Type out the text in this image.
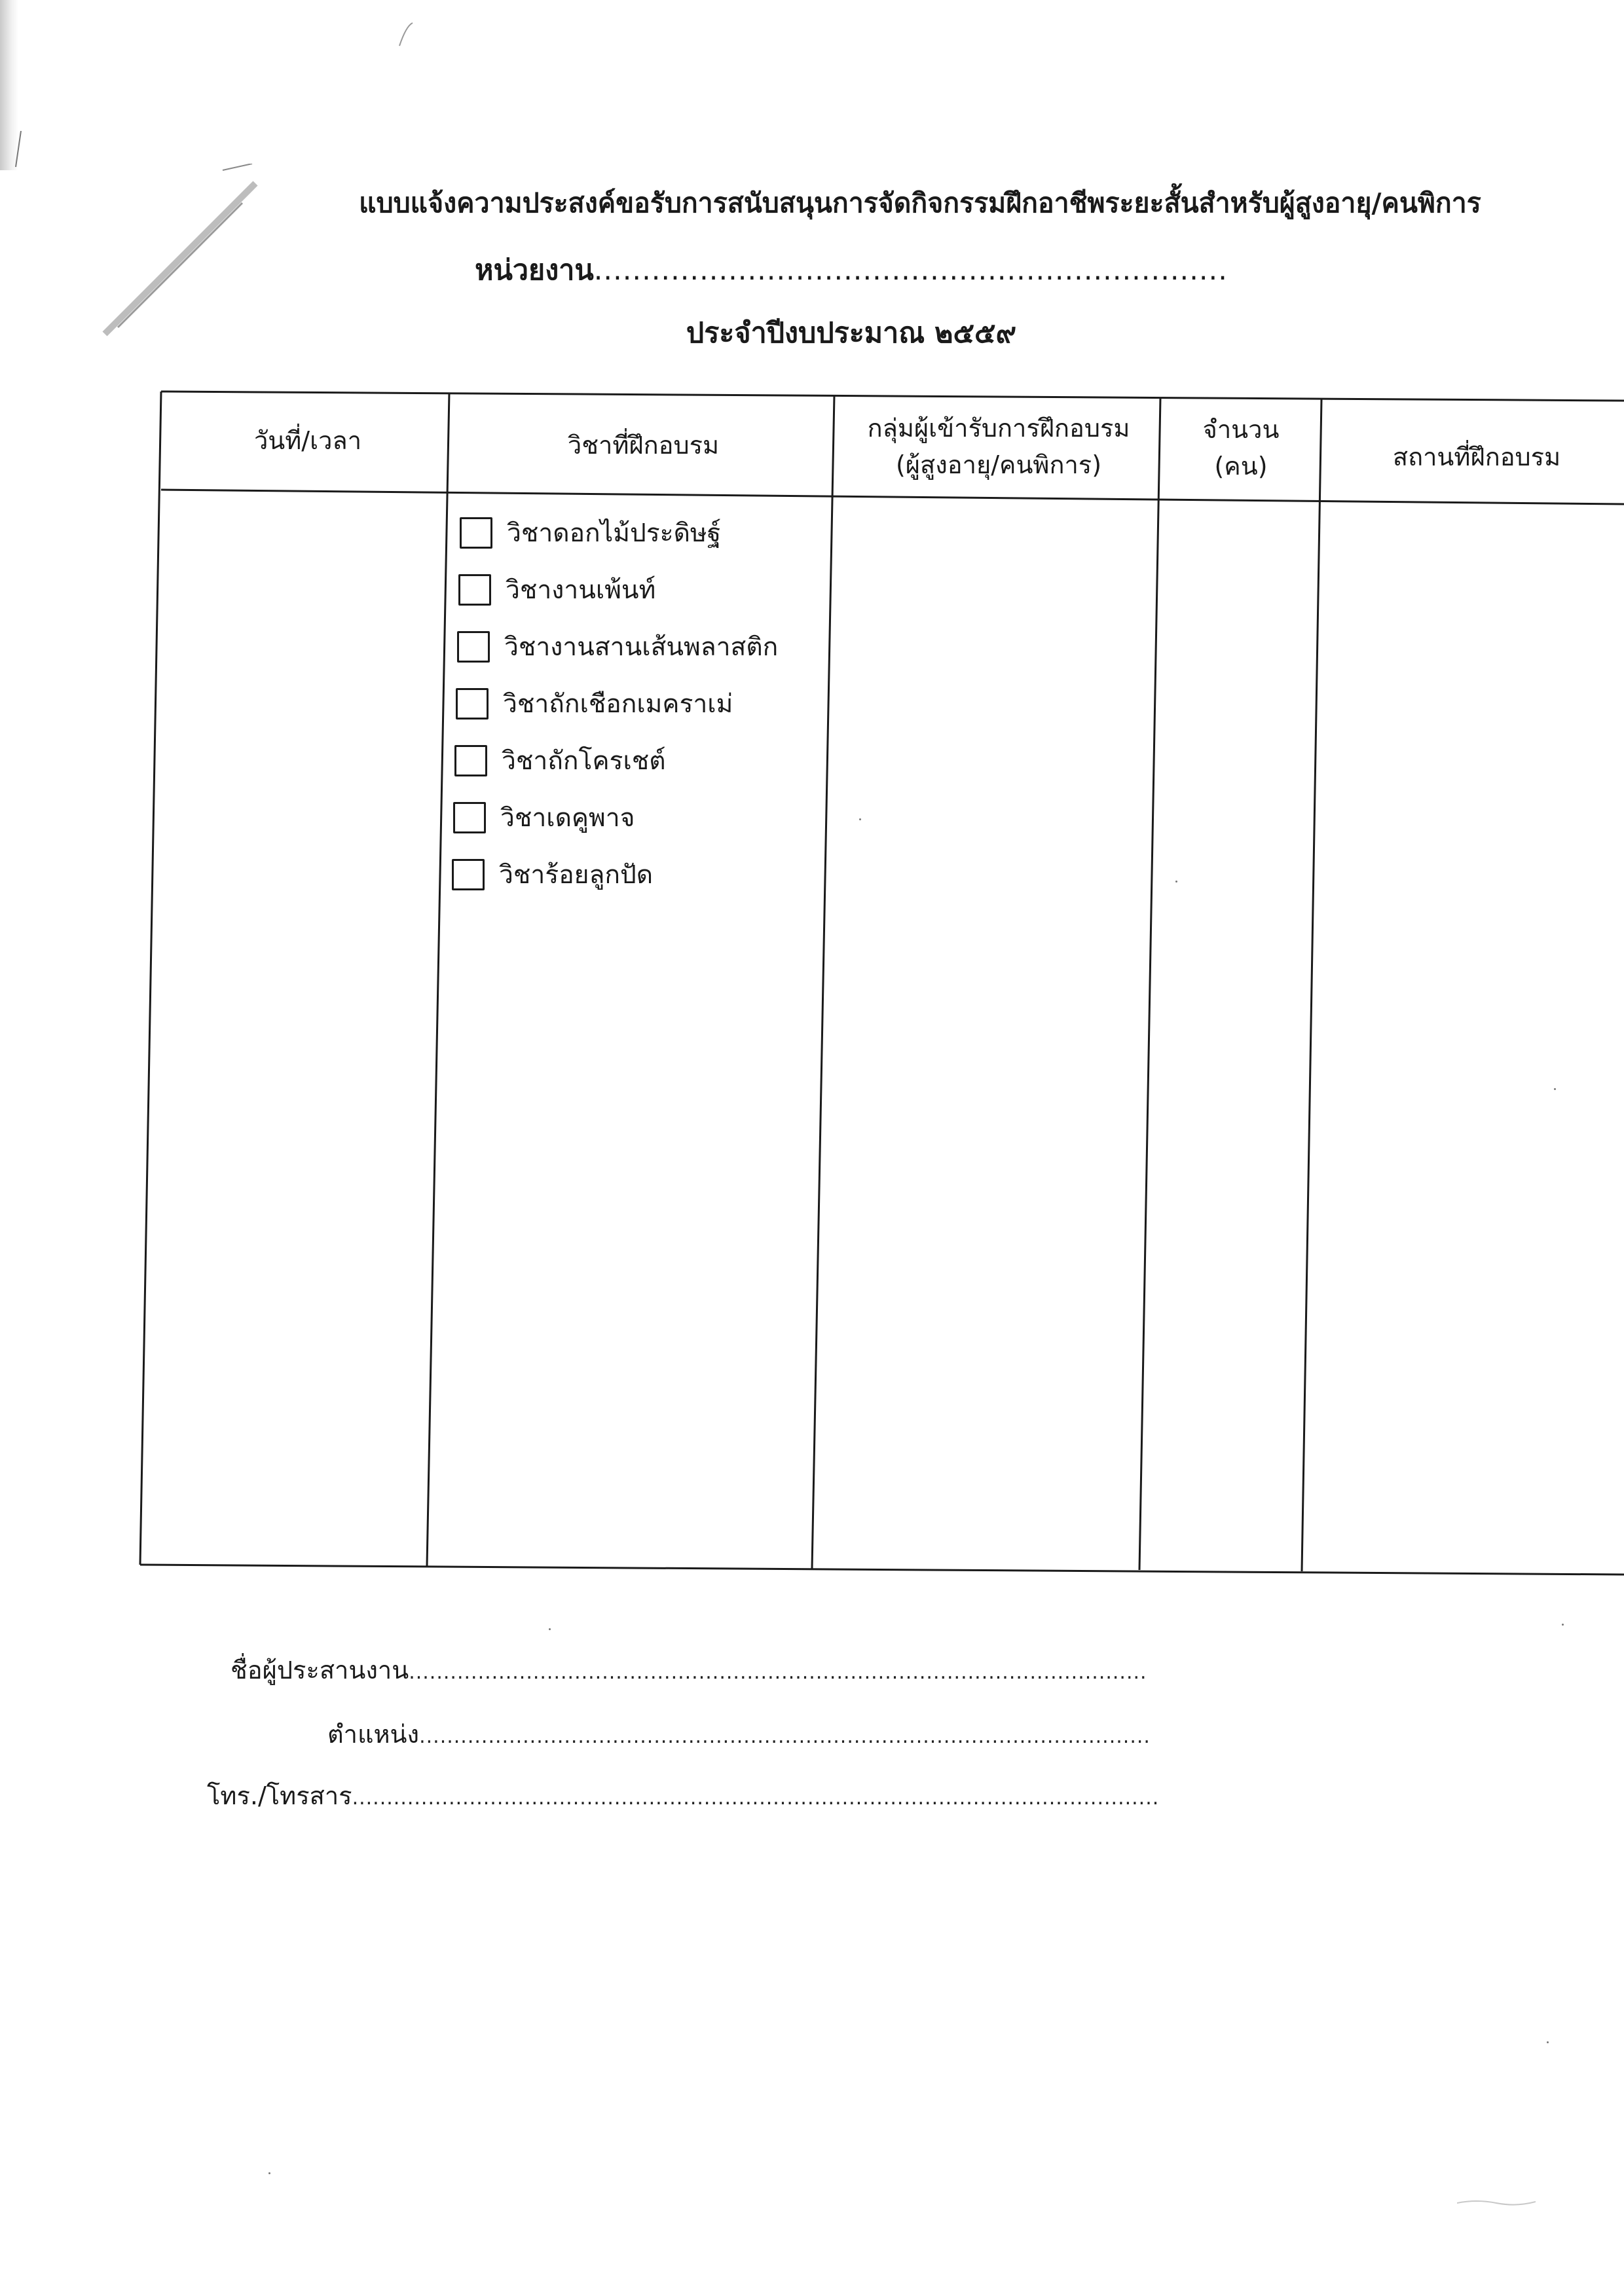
แบบแจ้งความประสงค์ขอรับการสนับสนุนการจัดกิจกรรมฝึกอาชีพระยะสั้นสำหรับผู้สูงอายุ/คนพิการ
หน่วยงาน..................................................................
ประจำปีงบประมาณ ๒๕๕๙
วันที่/เวลา	วิชาที่ฝึกอบรม
กลุ่มผู้เข้ารับการฝึกอบรม
(ผู้สูงอายุ/คนพิการ)
จำนวน
(คน)	สถานที่ฝึกอบรม
วิชาดอกไม้ประดิษฐ์
วิชางานเพ้นท์
วิชางานสานเส้นพลาสติก
วิชาถักเชือกเมคราเม่
วิชาถักโครเชต์
วิชาเดคูพาจ
วิชาร้อยลูกปัด
ชื่อผู้ประสานงาน...........................................................................................................
ตำแหน่ง..........................................................................................................
โทร./โทรสาร.....................................................................................................................
